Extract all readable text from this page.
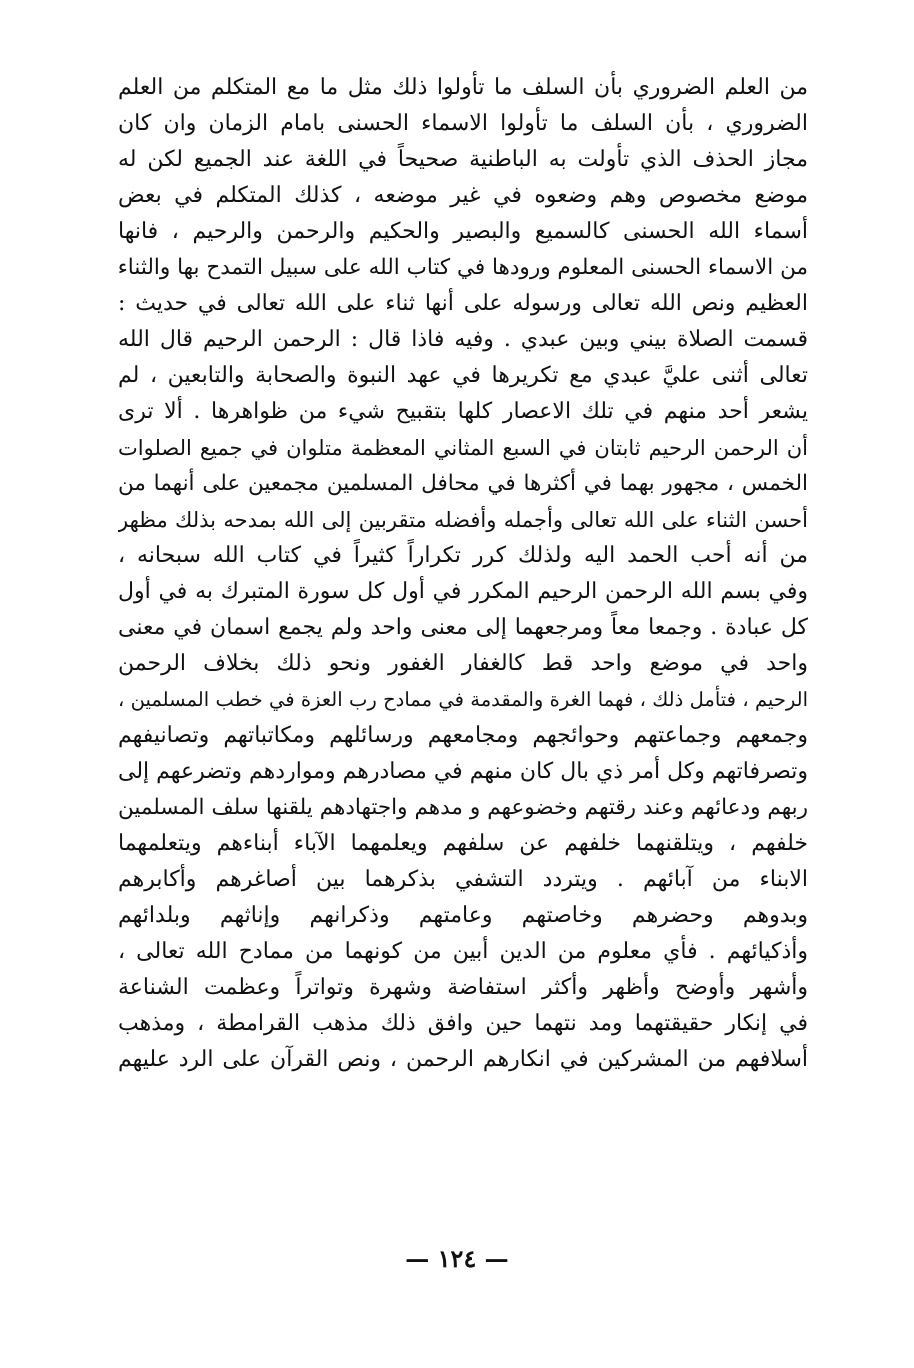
من العلم الضروري بأن السلف ما تأولوا ذلك مثل ما مع المتكلم من العلم
الضروري ، بأن السلف ما تأولوا الاسماء الحسنى بامام الزمان وان كان
مجاز الحذف الذي تأولت به الباطنية صحيحاً في اللغة عند الجميع لكن له
موضع مخصوص وهم وضعوه في غير موضعه ، كذلك المتكلم في بعض
أسماء الله الحسنى كالسميع والبصير والحكيم والرحمن والرحيم ، فانها
من الاسماء الحسنى المعلوم ورودها في كتاب الله على سبيل التمدح بها والثناء
العظيم ونص الله تعالى ورسوله على أنها ثناء على الله تعالى في حديث :
قسمت الصلاة بيني وبين عبدي . وفيه فاذا قال : الرحمن الرحيم قال الله
تعالى أثنى عليَّ عبدي مع تكريرها في عهد النبوة والصحابة والتابعين ، لم
يشعر أحد منهم في تلك الاعصار كلها بتقبيح شيء من ظواهرها . ألا ترى
أن الرحمن الرحيم ثابتان في السبع المثاني المعظمة متلوان في جميع الصلوات
الخمس ، مجهور بهما في أكثرها في محافل المسلمين مجمعين على أنهما من
أحسن الثناء على الله تعالى وأجمله وأفضله متقربين إلى الله بمدحه بذلك مظهر
من أنه أحب الحمد اليه ولذلك كرر تكراراً كثيراً في كتاب الله سبحانه ،
وفي بسم الله الرحمن الرحيم المكرر في أول كل سورة المتبرك به في أول
كل عبادة . وجمعا معاً ومرجعهما إلى معنى واحد ولم يجمع اسمان في معنى
واحد في موضع واحد قط كالغفار الغفور ونحو ذلك بخلاف الرحمن
الرحيم ، فتأمل ذلك ، فهما الغرة والمقدمة في ممادح رب العزة في خطب المسلمين ،
وجمعهم وجماعتهم وحوائجهم ومجامعهم ورسائلهم ومكاتباتهم وتصانيفهم
وتصرفاتهم وكل أمر ذي بال كان منهم في مصادرهم ومواردهم وتضرعهم إلى
ربهم ودعائهم وعند رقتهم وخضوعهم و مدهم واجتهادهم يلقنها سلف المسلمين
خلفهم ، ويتلقنهما خلفهم عن سلفهم ويعلمهما الآباء أبناءهم ويتعلمهما
الابناء من آبائهم . ويتردد التشفي بذكرهما بين أصاغرهم وأكابرهم
وبدوهم وحضرهم وخاصتهم وعامتهم وذكرانهم وإناثهم وبلدائهم
وأذكيائهم . فأي معلوم من الدين أبين من كونهما من ممادح الله تعالى ،
وأشهر وأوضح وأظهر وأكثر استفاضة وشهرة وتواتراً وعظمت الشناعة
في إنكار حقيقتهما ومد نتهما حين وافق ذلك مذهب القرامطة ، ومذهب
أسلافهم من المشركين في انكارهم الرحمن ، ونص القرآن على الرد عليهم
— ١٢٤ —
